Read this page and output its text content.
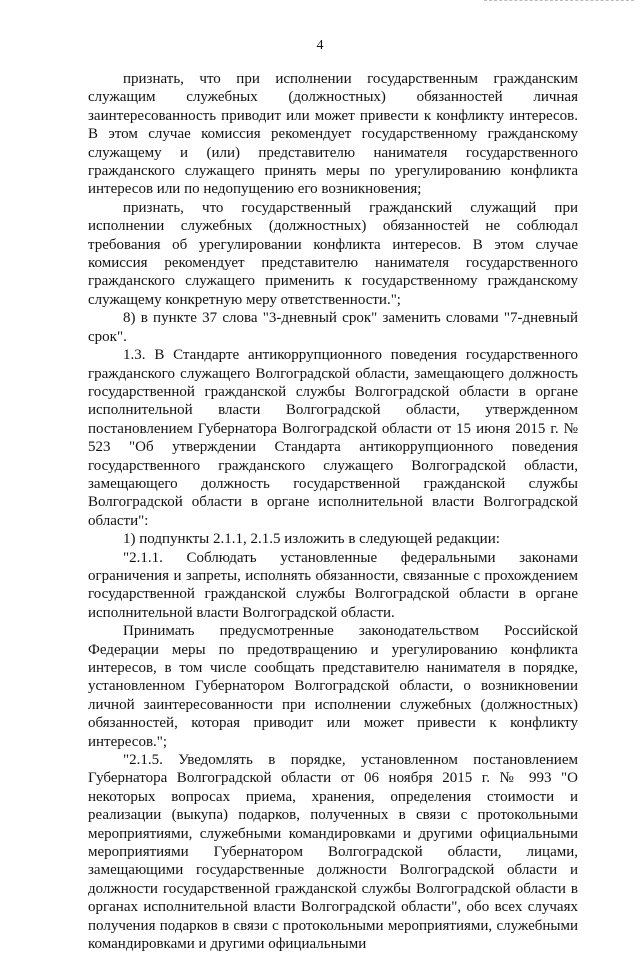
4

признать, что при исполнении государственным гражданским служащим служебных (должностных) обязанностей личная заинтересованность приводит или может привести к конфликту интересов. В этом случае комиссия рекомендует государственному гражданскому служащему и (или) представителю нанимателя государственного гражданского служащего принять меры по урегулированию конфликта интересов или по недопущению его возникновения;

признать, что государственный гражданский служащий при исполнении служебных (должностных) обязанностей не соблюдал требования об урегулировании конфликта интересов. В этом случае комиссия рекомендует представителю нанимателя государственного гражданского служащего применить к государственному гражданскому служащему конкретную меру ответственности.";

8) в пункте 37 слова "3-дневный срок" заменить словами "7-дневный срок".

1.3. В Стандарте антикоррупционного поведения государственного гражданского служащего Волгоградской области, замещающего должность государственной гражданской службы Волгоградской области в органе исполнительной власти Волгоградской области, утвержденном постановлением Губернатора Волгоградской области от 15 июня 2015 г. № 523 "Об утверждении Стандарта антикоррупционного поведения государственного гражданского служащего Волгоградской области, замещающего должность государственной гражданской службы Волгоградской области в органе исполнительной власти Волгоградской области":

1) подпункты 2.1.1, 2.1.5 изложить в следующей редакции:

"2.1.1. Соблюдать установленные федеральными законами ограничения и запреты, исполнять обязанности, связанные с прохождением государственной гражданской службы Волгоградской области в органе исполнительной власти Волгоградской области.

Принимать предусмотренные законодательством Российской Федерации меры по предотвращению и урегулированию конфликта интересов, в том числе сообщать представителю нанимателя в порядке, установленном Губернатором Волгоградской области, о возникновении личной заинтересованности при исполнении служебных (должностных) обязанностей, которая приводит или может привести к конфликту интересов.";

"2.1.5. Уведомлять в порядке, установленном постановлением Губернатора Волгоградской области от 06 ноября 2015 г. № 993 "О некоторых вопросах приема, хранения, определения стоимости и реализации (выкупа) подарков, полученных в связи с протокольными мероприятиями, служебными командировками и другими официальными мероприятиями Губернатором Волгоградской области, лицами, замещающими государственные должности Волгоградской области и должности государственной гражданской службы Волгоградской области в органах исполнительной власти Волгоградской области", обо всех случаях получения подарков в связи с протокольными мероприятиями, служебными командировками и другими официальными
